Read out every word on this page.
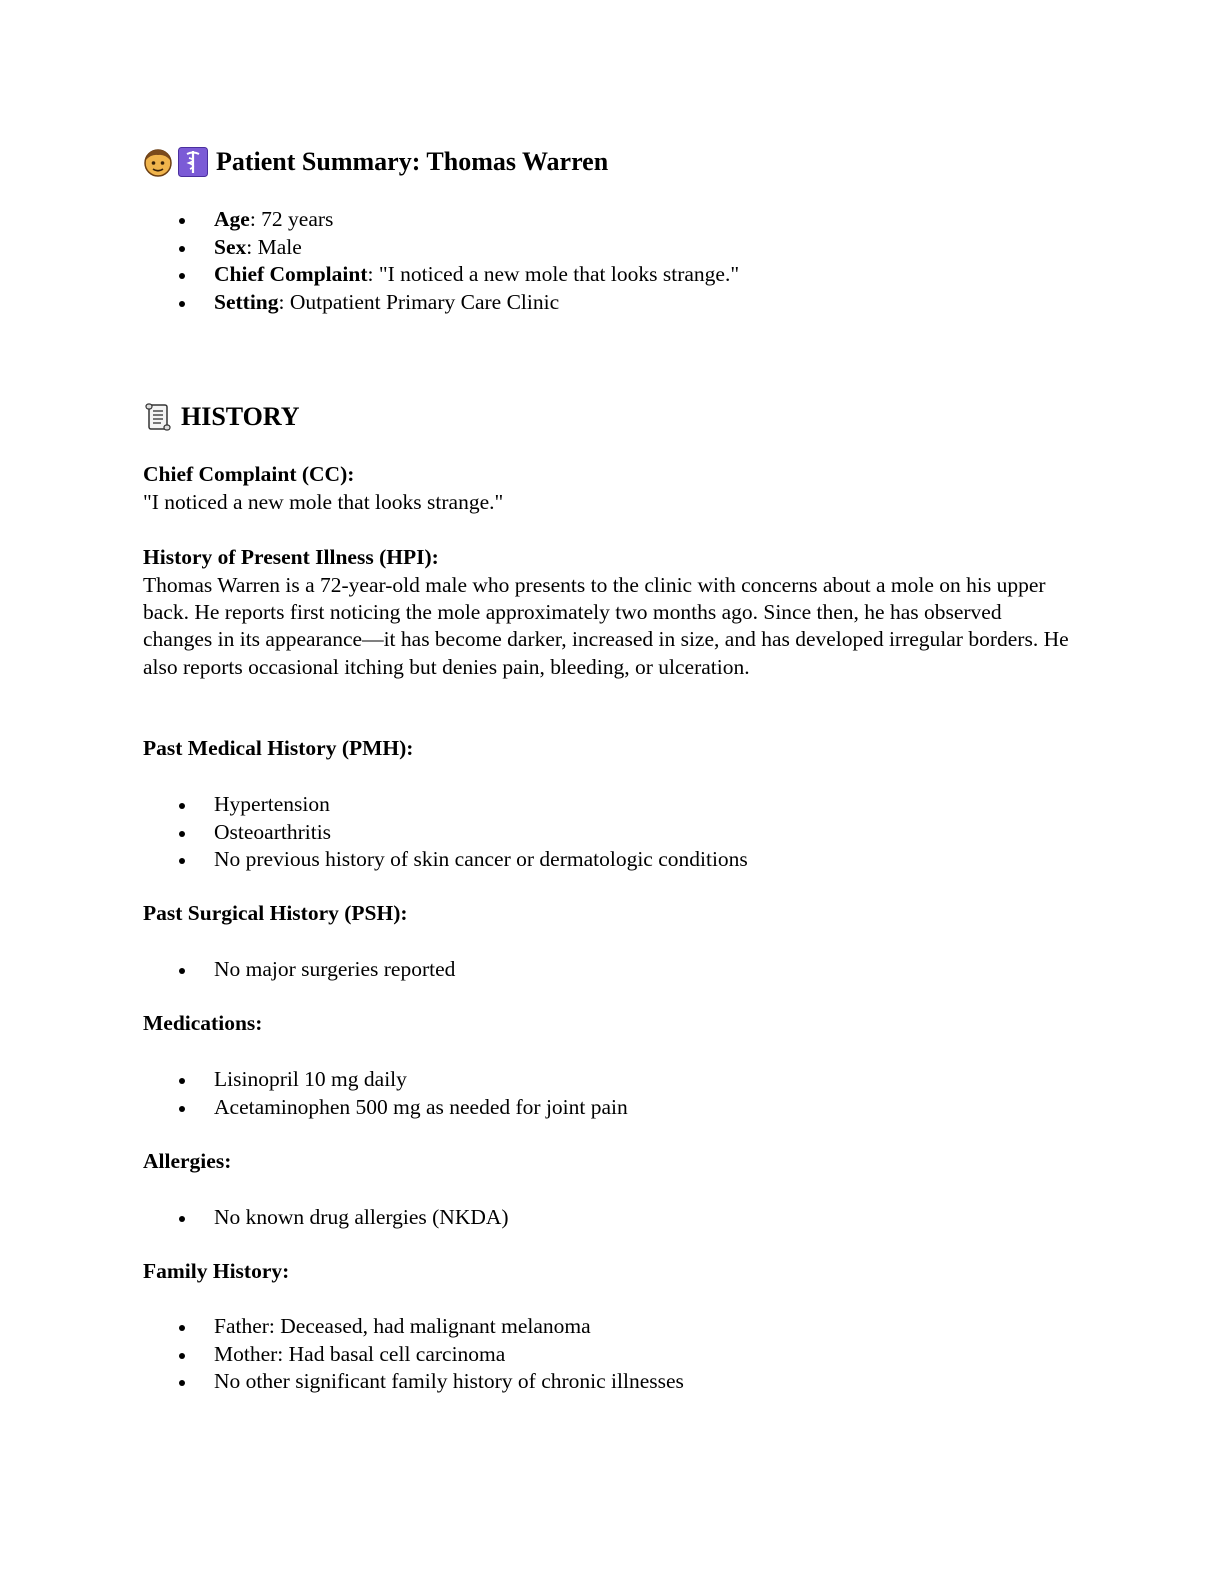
Patient Summary: Thomas Warren
Age: 72 years
Sex: Male
Chief Complaint: "I noticed a new mole that looks strange."
Setting: Outpatient Primary Care Clinic
HISTORY
Chief Complaint (CC):
"I noticed a new mole that looks strange."
History of Present Illness (HPI):
Thomas Warren is a 72-year-old male who presents to the clinic with concerns about a mole on his upper back. He reports first noticing the mole approximately two months ago. Since then, he has observed changes in its appearance—it has become darker, increased in size, and has developed irregular borders. He also reports occasional itching but denies pain, bleeding, or ulceration.
Past Medical History (PMH):
Hypertension
Osteoarthritis
No previous history of skin cancer or dermatologic conditions
Past Surgical History (PSH):
No major surgeries reported
Medications:
Lisinopril 10 mg daily
Acetaminophen 500 mg as needed for joint pain
Allergies:
No known drug allergies (NKDA)
Family History:
Father: Deceased, had malignant melanoma
Mother: Had basal cell carcinoma
No other significant family history of chronic illnesses
